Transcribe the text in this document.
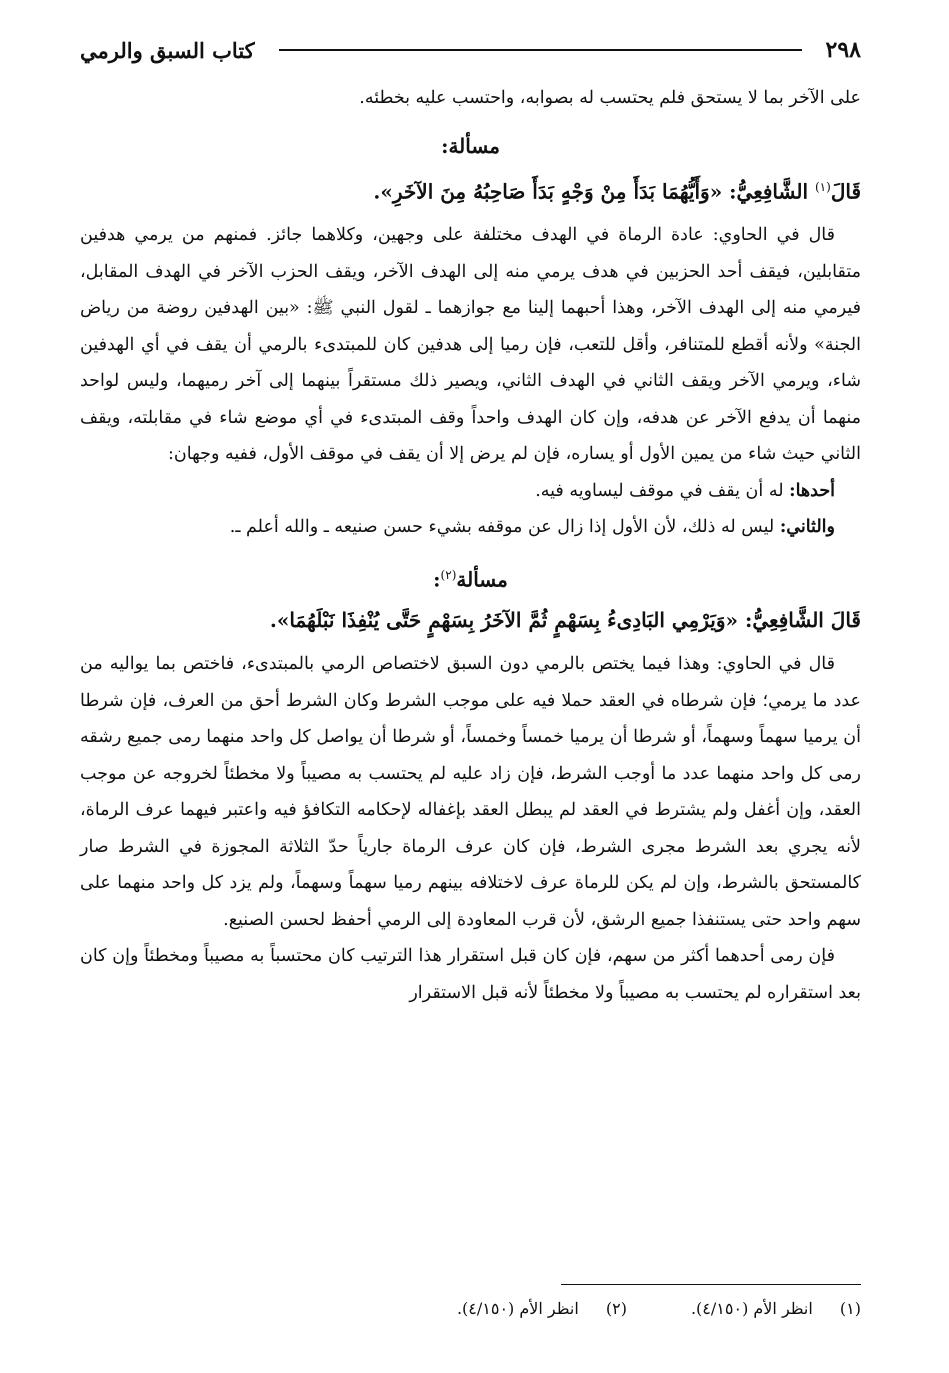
٢٩٨
كتاب السبق والرمي

على الآخر بما لا يستحق فلم يحتسب له بصوابه، واحتسب عليه بخطئه.

مسألة:

قَالَ$^{(١)}$ الشَّافِعِيُّ: «وَأَيُّهُمَا بَدَأَ مِنْ وَجْهٍ بَدَأَ صَاحِبُهُ مِنَ الآخَرِ».

قال في الحاوي: عادة الرماة في الهدف مختلفة على وجهين، وكلاهما جائز. فمنهم من يرمي هدفين متقابلين، فيقف أحد الحزبين في هدف يرمي منه إلى الهدف الآخر، ويقف الحزب الآخر في الهدف المقابل، فيرمي منه إلى الهدف الآخر، وهذا أحبهما إلينا مع جوازهما ـ لقول النبي ﷺ: «بين الهدفين روضة من رياض الجنة» ولأنه أقطع للمتنافر، وأقل للتعب، فإن رميا إلى هدفين كان للمبتدىء بالرمي أن يقف في أي الهدفين شاء، ويرمي الآخر ويقف الثاني في الهدف الثاني، ويصير ذلك مستقراً بينهما إلى آخر رميهما، وليس لواحد منهما أن يدفع الآخر عن هدفه، وإن كان الهدف واحداً وقف المبتدىء في أي موضع شاء في مقابلته، ويقف الثاني حيث شاء من يمين الأول أو يساره، فإن لم يرض إلا أن يقف في موقف الأول، ففيه وجهان:

أحدها: له أن يقف في موقف ليساويه فيه.

والثاني: ليس له ذلك، لأن الأول إذا زال عن موقفه بشيء حسن صنيعه ـ والله أعلم ـ.

مسألة$^{(٢)}$:

قَالَ الشَّافِعِيُّ: «وَيَرْمِي البَادِىءُ بِسَهْمٍ ثُمَّ الآخَرُ بِسَهْمٍ حَتَّى يُنْفِذَا نَبْلَهُمَا».

قال في الحاوي: وهذا فيما يختص بالرمي دون السبق لاختصاص الرمي بالمبتدىء، فاختص بما يواليه من عدد ما يرمي؛ فإن شرطاه في العقد حملا فيه على موجب الشرط وكان الشرط أحق من العرف، فإن شرطا أن يرميا سهماً وسهماً، أو شرطا أن يرميا خمساً وخمساً، أو شرطا أن يواصل كل واحد منهما رمى جميع رشقه رمى كل واحد منهما عدد ما أوجب الشرط، فإن زاد عليه لم يحتسب به مصيباً ولا مخطئاً لخروجه عن موجب العقد، وإن أغفل ولم يشترط في العقد لم يبطل العقد بإغفاله لإحكامه التكافؤ فيه واعتبر فيهما عرف الرماة، لأنه يجري بعد الشرط مجرى الشرط، فإن كان عرف الرماة جارياً حدّ الثلاثة المجوزة في الشرط صار كالمستحق بالشرط، وإن لم يكن للرماة عرف لاختلافه بينهم رميا سهماً وسهماً، ولم يزد كل واحد منهما على سهم واحد حتى يستنفذا جميع الرشق، لأن قرب المعاودة إلى الرمي أحفظ لحسن الصنيع.

فإن رمى أحدهما أكثر من سهم، فإن كان قبل استقرار هذا الترتيب كان محتسباً به مصيباً ومخطئاً وإن كان بعد استقراره لم يحتسب به مصيباً ولا مخطئاً لأنه قبل الاستقرار

(١) انظر الأم (٤/١٥٠).
(٢) انظر الأم (٤/١٥٠).
